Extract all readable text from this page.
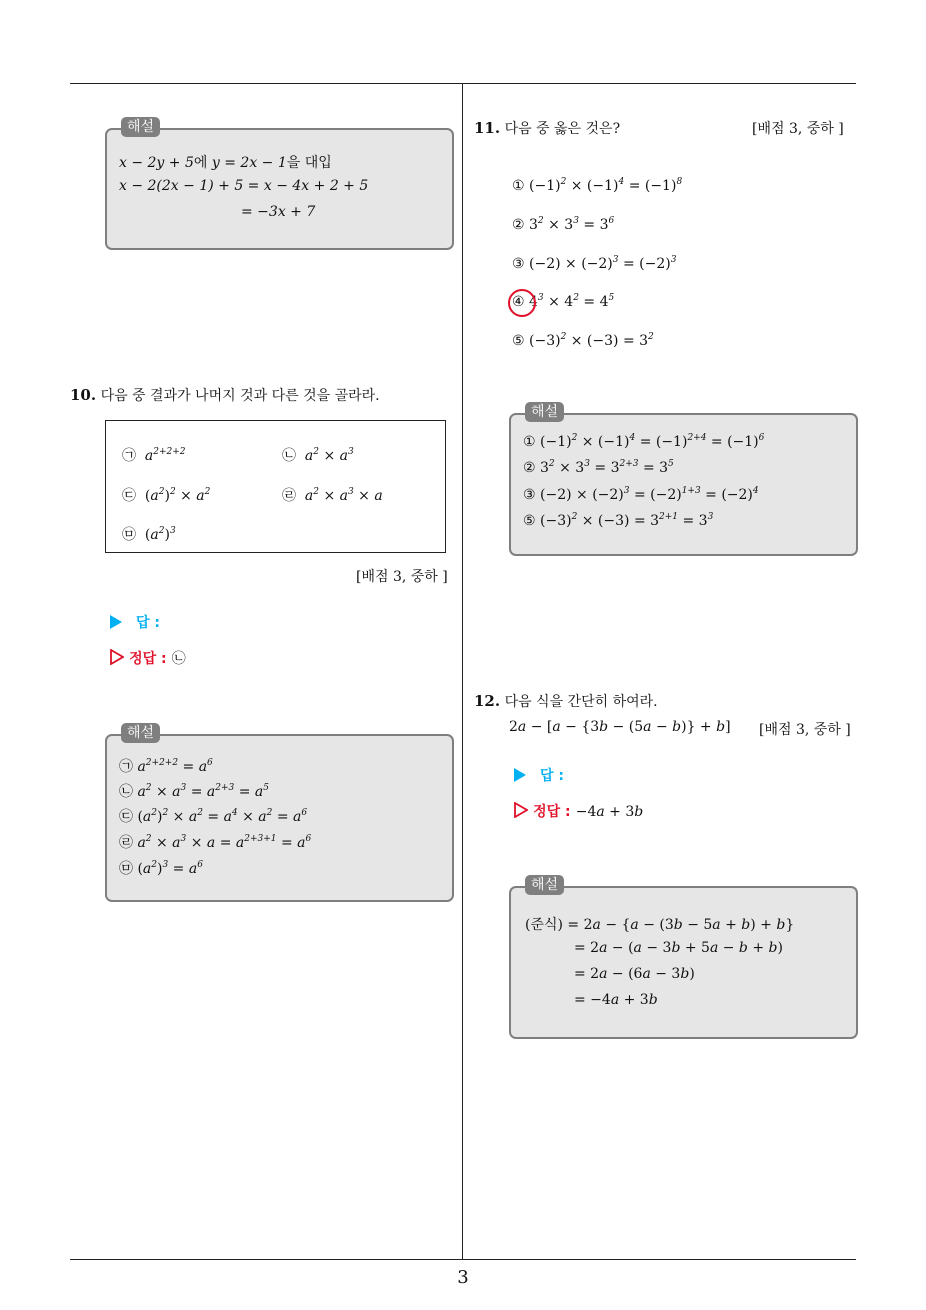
해설
x − 2y + 5에 y = 2x − 1을 대입
x − 2(2x − 1) + 5 = x − 4x + 2 + 5
= −3x + 7
10. 다음 중 결과가 나머지 것과 다른 것을 골라라.
㉠  $a^{2+2+2}$	㉡  $a^2 \times a^3$
㉢ $(a^2)^2 \times a^2$	㉣  $a^2 \times a^3 \times a$
㉤ $(a^2)^3$
[배점 3, 중하 ]
답 :
정답 : ㉡
해설
㉠ $a^{2+2+2} = a^6$
㉡ $a^2 \times a^3 = a^{2+3} = a^5$
㉢ $(a^2)^2 \times a^2 = a^4 \times a^2 = a^6$
㉣ $a^2 \times a^3 \times a = a^{2+3+1} = a^6$
㉤ $(a^2)^3 = a^6$
11. 다음 중 옳은 것은?	[배점 3, 중하 ]
① $(-1)^2 \times (-1)^4 = (-1)^8$
② $3^2 \times 3^3 = 3^6$
③ $(-2) \times (-2)^3 = (-2)^3$
④ $4^3 \times 4^2 = 4^5$
⑤ $(-3)^2 \times (-3) = 3^2$
해설
① $(-1)^2 \times (-1)^4 = (-1)^{2+4} = (-1)^6$
② $3^2 \times 3^3 = 3^{2+3} = 3^5$
③ $(-2) \times (-2)^3 = (-2)^{1+3} = (-2)^4$
⑤ $(-3)^2 \times (-3) = 3^{2+1} = 3^3$
12. 다음 식을 간단히 하여라.
2a − [a − {3b − (5a − b)} + b] [배점 3, 중하 ]
답 :
정답 : −4a + 3b
해설
(준식) = 2a − {a − (3b − 5a + b) + b}
= 2a − (a − 3b + 5a − b + b)
= 2a − (6a − 3b)
= −4a + 3b
3
